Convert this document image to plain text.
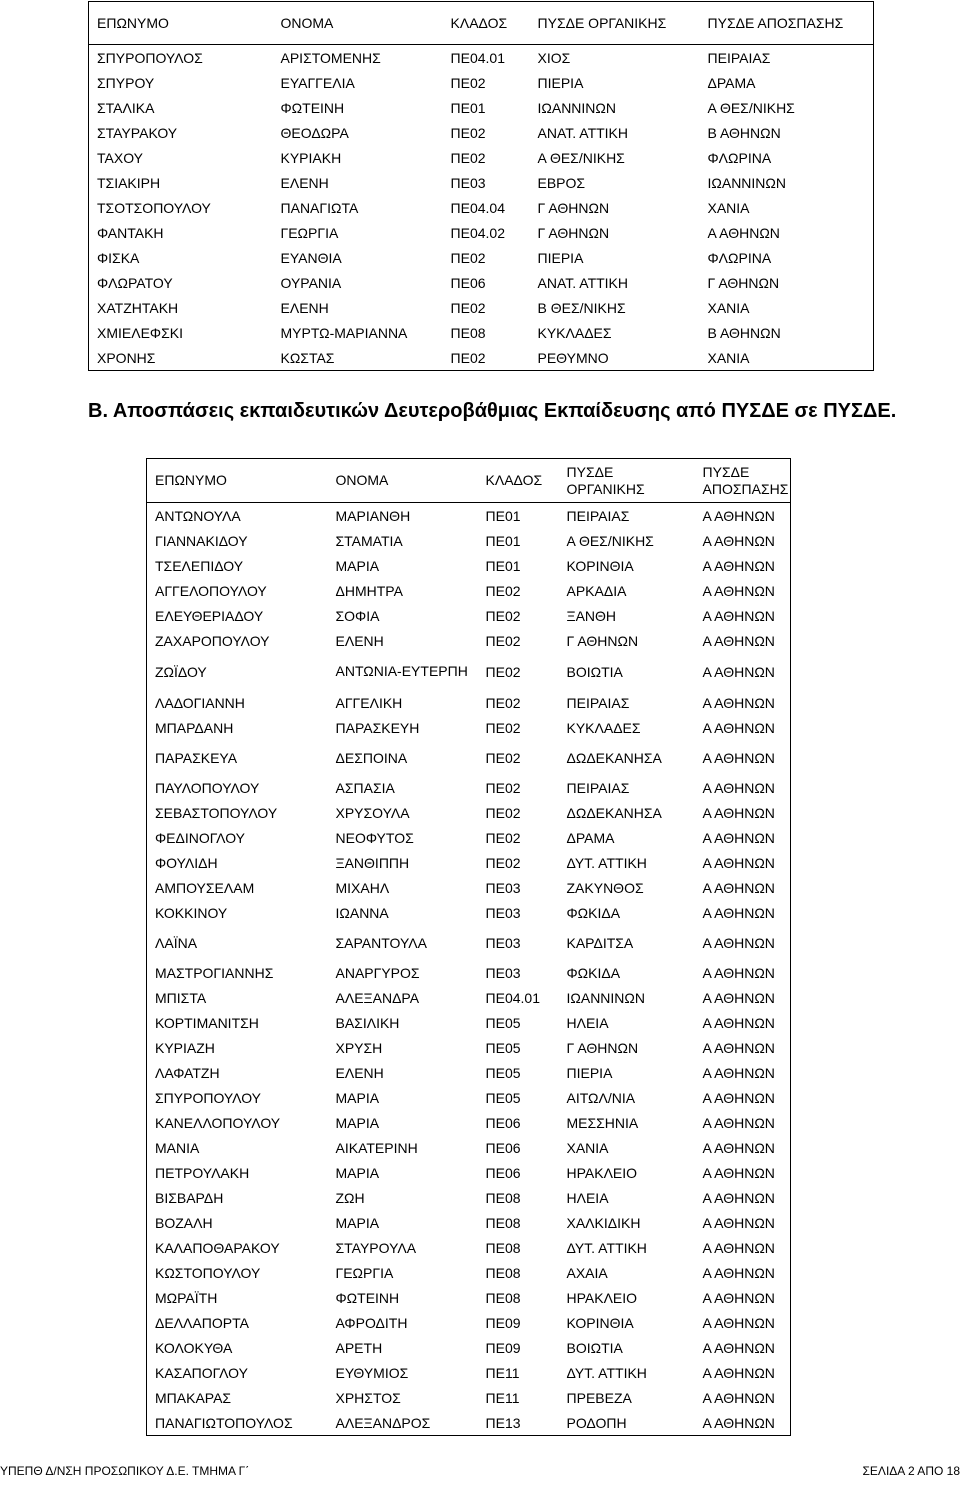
ΕΠΩΝΥΜΟ	ΟΝΟΜΑ	ΚΛΑΔΟΣ	ΠΥΣΔΕ ΟΡΓΑΝΙΚΗΣ	ΠΥΣΔΕ ΑΠΟΣΠΑΣΗΣ
ΣΠΥΡΟΠΟΥΛΟΣ	ΑΡΙΣΤΟΜΕΝΗΣ	ΠΕ04.01	ΧΙΟΣ	ΠΕΙΡΑΙΑΣ
ΣΠΥΡΟΥ	ΕΥΑΓΓΕΛΙΑ	ΠΕ02	ΠΙΕΡΙΑ	ΔΡΑΜΑ
ΣΤΑΛΙΚΑ	ΦΩΤΕΙΝΗ	ΠΕ01	ΙΩΑΝΝΙΝΩΝ	Α ΘΕΣ/ΝΙΚΗΣ
ΣΤΑΥΡΑΚΟΥ	ΘΕΟΔΩΡΑ	ΠΕ02	ΑΝΑΤ. ΑΤΤΙΚΗ	Β ΑΘΗΝΩΝ
ΤΑΧΟΥ	ΚΥΡΙΑΚΗ	ΠΕ02	Α ΘΕΣ/ΝΙΚΗΣ	ΦΛΩΡΙΝΑ
ΤΣΙΑΚΙΡΗ	ΕΛΕΝΗ	ΠΕ03	ΕΒΡΟΣ	ΙΩΑΝΝΙΝΩΝ
ΤΣΟΤΣΟΠΟΥΛΟΥ	ΠΑΝΑΓΙΩΤΑ	ΠΕ04.04	Γ ΑΘΗΝΩΝ	ΧΑΝΙΑ
ΦΑΝΤΑΚΗ	ΓΕΩΡΓΙΑ	ΠΕ04.02	Γ ΑΘΗΝΩΝ	Α ΑΘΗΝΩΝ
ΦΙΣΚΑ	ΕΥΑΝΘΙΑ	ΠΕ02	ΠΙΕΡΙΑ	ΦΛΩΡΙΝΑ
ΦΛΩΡΑΤΟΥ	ΟΥΡΑΝΙΑ	ΠΕ06	ΑΝΑΤ. ΑΤΤΙΚΗ	Γ ΑΘΗΝΩΝ
ΧΑΤΖΗΤΑΚΗ	ΕΛΕΝΗ	ΠΕ02	Β ΘΕΣ/ΝΙΚΗΣ	ΧΑΝΙΑ
ΧΜΙΕΛΕΦΣΚΙ	ΜΥΡΤΩ-ΜΑΡΙΑΝΝΑ	ΠΕ08	ΚΥΚΛΑΔΕΣ	Β ΑΘΗΝΩΝ
ΧΡΟΝΗΣ	ΚΩΣΤΑΣ	ΠΕ02	ΡΕΘΥΜΝΟ	ΧΑΝΙΑ
Β. Αποσπάσεις εκπαιδευτικών Δευτεροβάθμιας Εκπαίδευσης από ΠΥΣΔΕ σε ΠΥΣΔΕ.
ΕΠΩΝΥΜΟ	ΟΝΟΜΑ	ΚΛΑΔΟΣ	ΠΥΣΔΕ ΟΡΓΑΝΙΚΗΣ	ΠΥΣΔΕ ΑΠΟΣΠΑΣΗΣ
ΑΝΤΩΝΟΥΛΑ	ΜΑΡΙΑΝΘΗ	ΠΕ01	ΠΕΙΡΑΙΑΣ	Α ΑΘΗΝΩΝ
ΓΙΑΝΝΑΚΙΔΟΥ	ΣΤΑΜΑΤΙΑ	ΠΕ01	Α ΘΕΣ/ΝΙΚΗΣ	Α ΑΘΗΝΩΝ
ΤΣΕΛΕΠΙΔΟΥ	ΜΑΡΙΑ	ΠΕ01	ΚΟΡΙΝΘΙΑ	Α ΑΘΗΝΩΝ
ΑΓΓΕΛΟΠΟΥΛΟΥ	ΔΗΜΗΤΡΑ	ΠΕ02	ΑΡΚΑΔΙΑ	Α ΑΘΗΝΩΝ
ΕΛΕΥΘΕΡΙΑΔΟΥ	ΣΟΦΙΑ	ΠΕ02	ΞΑΝΘΗ	Α ΑΘΗΝΩΝ
ΖΑΧΑΡΟΠΟΥΛΟΥ	ΕΛΕΝΗ	ΠΕ02	Γ ΑΘΗΝΩΝ	Α ΑΘΗΝΩΝ
ΖΩΪΔΟΥ	ΑΝΤΩΝΙΑ-ΕΥΤΕΡΠΗ	ΠΕ02	ΒΟΙΩΤΙΑ	Α ΑΘΗΝΩΝ
ΛΑΔΟΓΙΑΝΝΗ	ΑΓΓΕΛΙΚΗ	ΠΕ02	ΠΕΙΡΑΙΑΣ	Α ΑΘΗΝΩΝ
ΜΠΑΡΔΑΝΗ	ΠΑΡΑΣΚΕΥΗ	ΠΕ02	ΚΥΚΛΑΔΕΣ	Α ΑΘΗΝΩΝ
ΠΑΡΑΣΚΕΥΑ	ΔΕΣΠΟΙΝΑ	ΠΕ02	ΔΩΔΕΚΑΝΗΣΑ	Α ΑΘΗΝΩΝ
ΠΑΥΛΟΠΟΥΛΟΥ	ΑΣΠΑΣΙΑ	ΠΕ02	ΠΕΙΡΑΙΑΣ	Α ΑΘΗΝΩΝ
ΣΕΒΑΣΤΟΠΟΥΛΟΥ	ΧΡΥΣΟΥΛΑ	ΠΕ02	ΔΩΔΕΚΑΝΗΣΑ	Α ΑΘΗΝΩΝ
ΦΕΔΙΝΟΓΛΟΥ	ΝΕΟΦΥΤΟΣ	ΠΕ02	ΔΡΑΜΑ	Α ΑΘΗΝΩΝ
ΦΟΥΛΙΔΗ	ΞΑΝΘΙΠΠΗ	ΠΕ02	ΔΥΤ. ΑΤΤΙΚΗ	Α ΑΘΗΝΩΝ
ΑΜΠΟΥΣΕΛΑΜ	ΜΙΧΑΗΛ	ΠΕ03	ΖΑΚΥΝΘΟΣ	Α ΑΘΗΝΩΝ
ΚΟΚΚΙΝΟΥ	ΙΩΑΝΝΑ	ΠΕ03	ΦΩΚΙΔΑ	Α ΑΘΗΝΩΝ
ΛΑΪΝΑ	ΣΑΡΑΝΤΟΥΛΑ	ΠΕ03	ΚΑΡΔΙΤΣΑ	Α ΑΘΗΝΩΝ
ΜΑΣΤΡΟΓΙΑΝΝΗΣ	ΑΝΑΡΓΥΡΟΣ	ΠΕ03	ΦΩΚΙΔΑ	Α ΑΘΗΝΩΝ
ΜΠΙΣΤΑ	ΑΛΕΞΑΝΔΡΑ	ΠΕ04.01	ΙΩΑΝΝΙΝΩΝ	Α ΑΘΗΝΩΝ
ΚΟΡΤΙΜΑΝΙΤΣΗ	ΒΑΣΙΛΙΚΗ	ΠΕ05	ΗΛΕΙΑ	Α ΑΘΗΝΩΝ
ΚΥΡΙΑΖΗ	ΧΡΥΣΗ	ΠΕ05	Γ ΑΘΗΝΩΝ	Α ΑΘΗΝΩΝ
ΛΑΦΑΤΖΗ	ΕΛΕΝΗ	ΠΕ05	ΠΙΕΡΙΑ	Α ΑΘΗΝΩΝ
ΣΠΥΡΟΠΟΥΛΟΥ	ΜΑΡΙΑ	ΠΕ05	ΑΙΤΩΛ/ΝΙΑ	Α ΑΘΗΝΩΝ
ΚΑΝΕΛΛΟΠΟΥΛΟΥ	ΜΑΡΙΑ	ΠΕ06	ΜΕΣΣΗΝΙΑ	Α ΑΘΗΝΩΝ
ΜΑΝΙΑ	ΑΙΚΑΤΕΡΙΝΗ	ΠΕ06	ΧΑΝΙΑ	Α ΑΘΗΝΩΝ
ΠΕΤΡΟΥΛΑΚΗ	ΜΑΡΙΑ	ΠΕ06	ΗΡΑΚΛΕΙΟ	Α ΑΘΗΝΩΝ
ΒΙΣΒΑΡΔΗ	ΖΩΗ	ΠΕ08	ΗΛΕΙΑ	Α ΑΘΗΝΩΝ
ΒΟΖΑΛΗ	ΜΑΡΙΑ	ΠΕ08	ΧΑΛΚΙΔΙΚΗ	Α ΑΘΗΝΩΝ
ΚΑΛΑΠΟΘΑΡΑΚΟΥ	ΣΤΑΥΡΟΥΛΑ	ΠΕ08	ΔΥΤ. ΑΤΤΙΚΗ	Α ΑΘΗΝΩΝ
ΚΩΣΤΟΠΟΥΛΟΥ	ΓΕΩΡΓΙΑ	ΠΕ08	ΑΧΑΙΑ	Α ΑΘΗΝΩΝ
ΜΩΡΑΪΤΗ	ΦΩΤΕΙΝΗ	ΠΕ08	ΗΡΑΚΛΕΙΟ	Α ΑΘΗΝΩΝ
ΔΕΛΛΑΠΟΡΤΑ	ΑΦΡΟΔΙΤΗ	ΠΕ09	ΚΟΡΙΝΘΙΑ	Α ΑΘΗΝΩΝ
ΚΟΛΟΚΥΘΑ	ΑΡΕΤΗ	ΠΕ09	ΒΟΙΩΤΙΑ	Α ΑΘΗΝΩΝ
ΚΑΣΑΠΟΓΛΟΥ	ΕΥΘΥΜΙΟΣ	ΠΕ11	ΔΥΤ. ΑΤΤΙΚΗ	Α ΑΘΗΝΩΝ
ΜΠΑΚΑΡΑΣ	ΧΡΗΣΤΟΣ	ΠΕ11	ΠΡΕΒΕΖΑ	Α ΑΘΗΝΩΝ
ΠΑΝΑΓΙΩΤΟΠΟΥΛΟΣ	ΑΛΕΞΑΝΔΡΟΣ	ΠΕ13	ΡΟΔΟΠΗ	Α ΑΘΗΝΩΝ
ΥΠΕΠΘ Δ/ΝΣΗ ΠΡΟΣΩΠΙΚΟΥ Δ.Ε. ΤΜΗΜΑ Γ΄	ΣΕΛΙΔΑ 2 ΑΠΟ 18
